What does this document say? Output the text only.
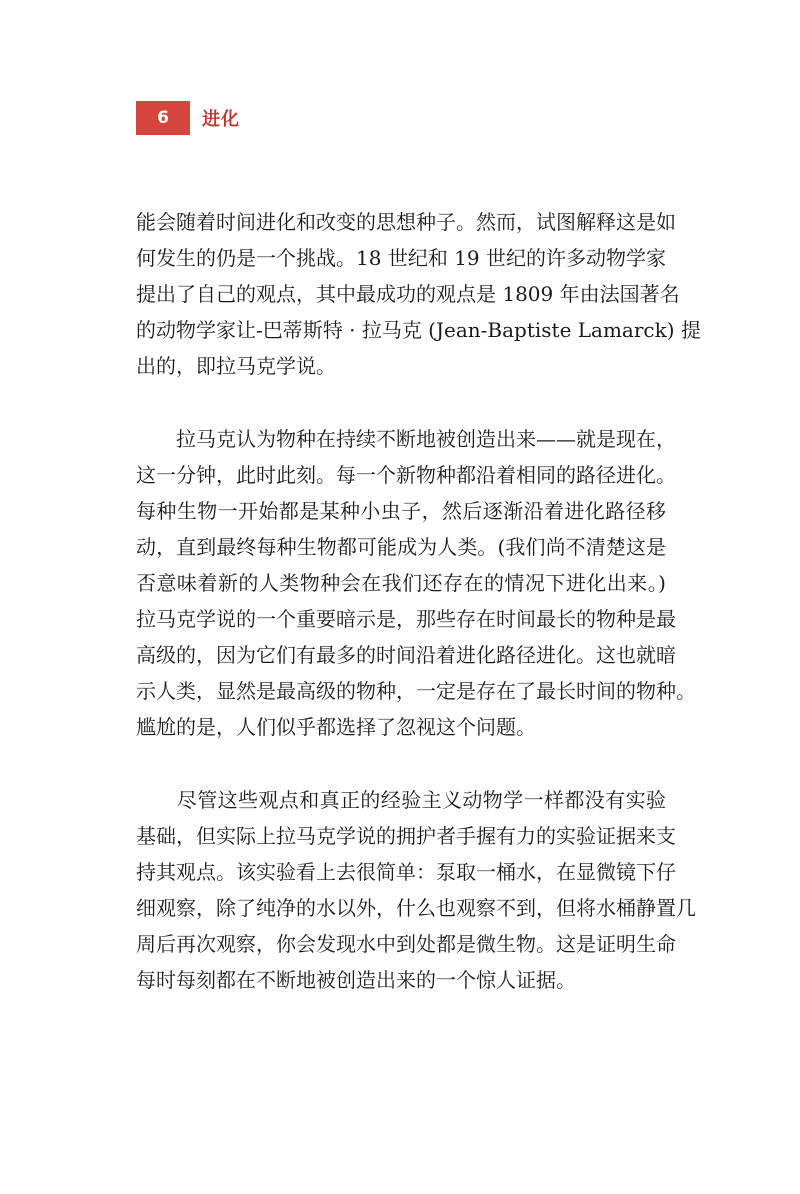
6	进化
能会随着时间进化和改变的思想种子。然而，试图解释这是如
何发生的仍是一个挑战。18 世纪和 19 世纪的许多动物学家
提出了自己的观点，其中最成功的观点是 1809 年由法国著名
的动物学家让-巴蒂斯特 · 拉马克 (Jean-Baptiste Lamarck) 提
出的，即拉马克学说。
　　拉马克认为物种在持续不断地被创造出来——就是现在，
这一分钟，此时此刻。每一个新物种都沿着相同的路径进化。
每种生物一开始都是某种小虫子，然后逐渐沿着进化路径移
动，直到最终每种生物都可能成为人类。(我们尚不清楚这是
否意味着新的人类物种会在我们还存在的情况下进化出来。)
拉马克学说的一个重要暗示是，那些存在时间最长的物种是最
高级的，因为它们有最多的时间沿着进化路径进化。这也就暗
示人类，显然是最高级的物种，一定是存在了最长时间的物种。
尴尬的是，人们似乎都选择了忽视这个问题。
　　尽管这些观点和真正的经验主义动物学一样都没有实验
基础，但实际上拉马克学说的拥护者手握有力的实验证据来支
持其观点。该实验看上去很简单：泵取一桶水，在显微镜下仔
细观察，除了纯净的水以外，什么也观察不到，但将水桶静置几
周后再次观察，你会发现水中到处都是微生物。这是证明生命
每时每刻都在不断地被创造出来的一个惊人证据。
